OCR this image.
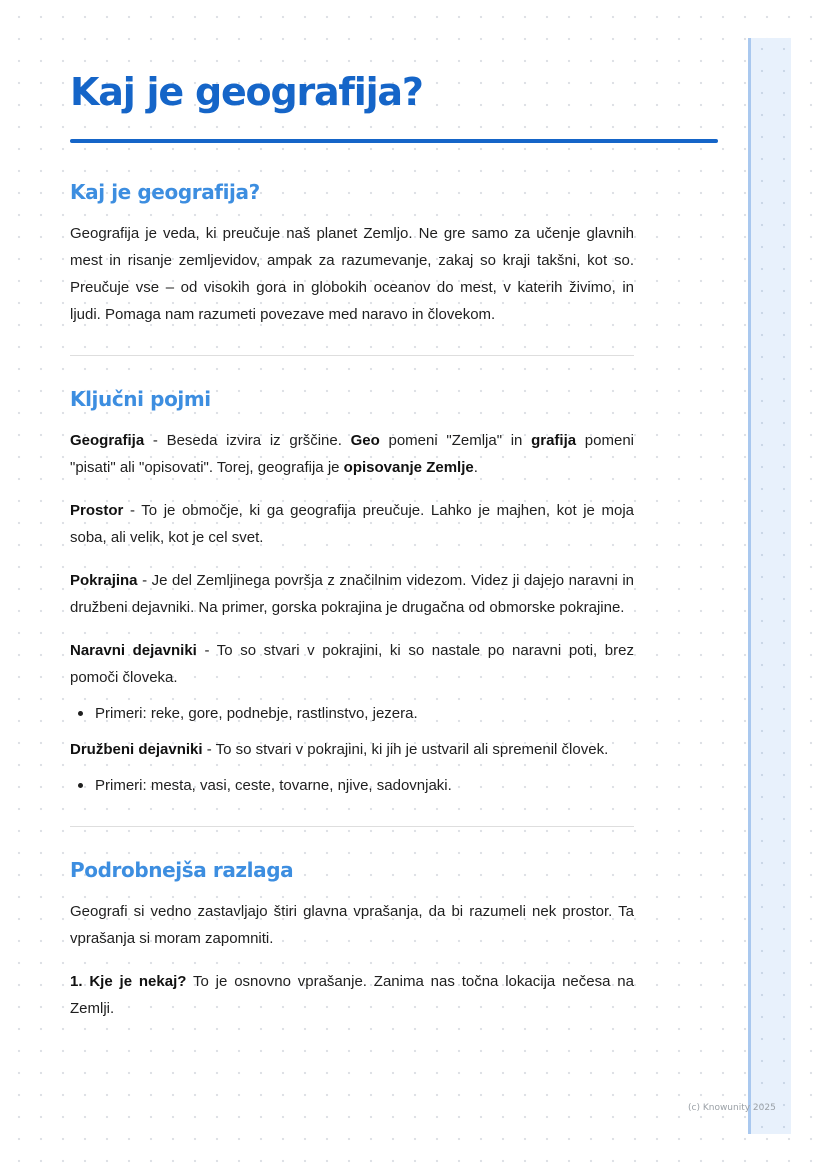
Kaj je geografija?
Kaj je geografija?

Geografija je veda, ki preučuje naš planet Zemljo. Ne gre samo za učenje glavnih mest in risanje zemljevidov, ampak za razumevanje, zakaj so kraji takšni, kot so. Preučuje vse – od visokih gora in globokih oceanov do mest, v katerih živimo, in ljudi. Pomaga nam razumeti povezave med naravo in človekom.

Ključni pojmi

Geografija - Beseda izvira iz grščine. Geo pomeni "Zemlja" in grafija pomeni "pisati" ali "opisovati". Torej, geografija je opisovanje Zemlje.

Prostor - To je območje, ki ga geografija preučuje. Lahko je majhen, kot je moja soba, ali velik, kot je cel svet.

Pokrajina - Je del Zemljinega površja z značilnim videzom. Videz ji dajejo naravni in družbeni dejavniki. Na primer, gorska pokrajina je drugačna od obmorske pokrajine.

Naravni dejavniki - To so stvari v pokrajini, ki so nastale po naravni poti, brez pomoči človeka.

Primeri: reke, gore, podnebje, rastlinstvo, jezera.

Družbeni dejavniki - To so stvari v pokrajini, ki jih je ustvaril ali spremenil človek.

Primeri: mesta, vasi, ceste, tovarne, njive, sadovnjaki.
Podrobnejša razlaga

Geografi si vedno zastavljajo štiri glavna vprašanja, da bi razumeli nek prostor. Ta vprašanja si moram zapomniti.

1. Kje je nekaj? To je osnovno vprašanje. Zanima nas točna lokacija nečesa na Zemlji.

(c) Knowunity 2025
